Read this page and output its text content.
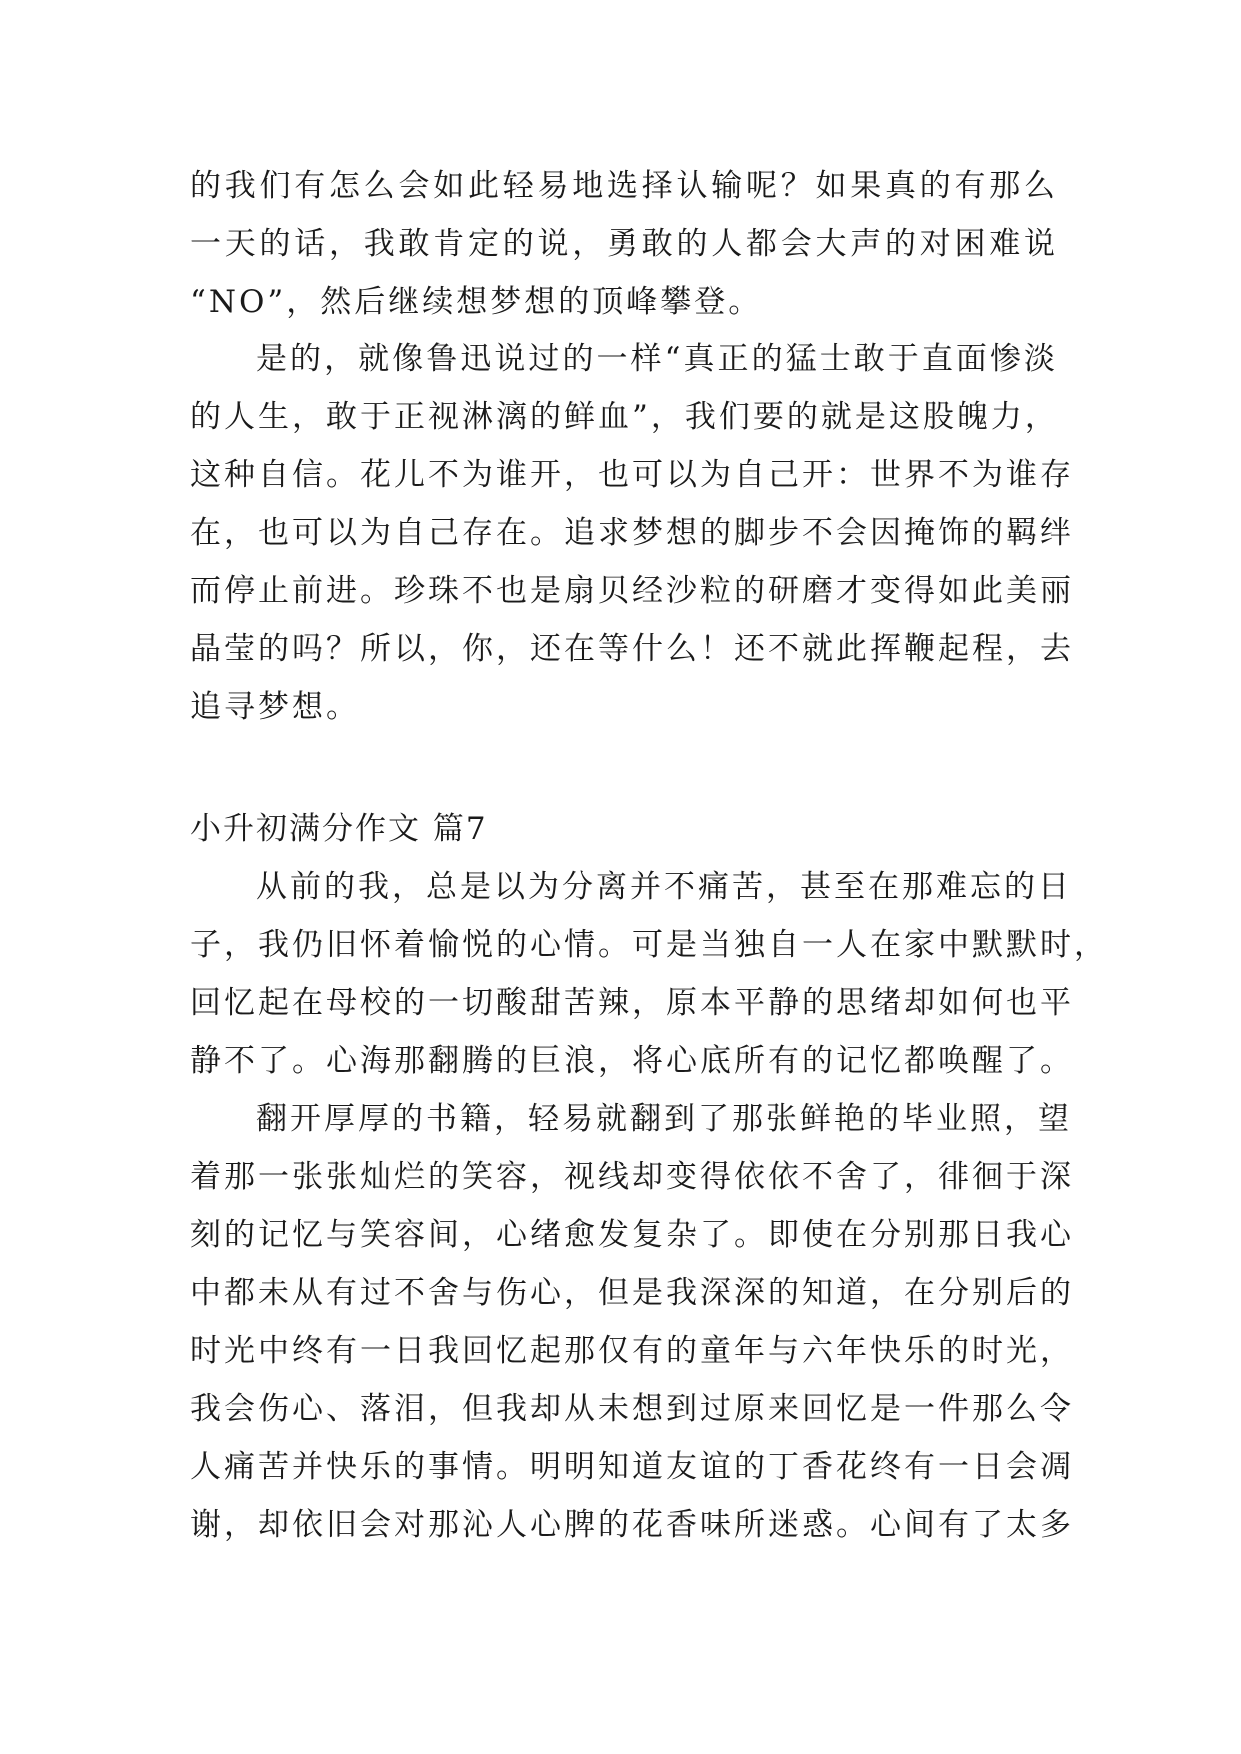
的我们有怎么会如此轻易地选择认输呢？如果真的有那么
一天的话，我敢肯定的说，勇敢的人都会大声的对困难说
“NO”，然后继续想梦想的顶峰攀登。
是的，就像鲁迅说过的一样“真正的猛士敢于直面惨淡
的人生，敢于正视淋漓的鲜血”，我们要的就是这股魄力，
这种自信。花儿不为谁开，也可以为自己开：世界不为谁存
在，也可以为自己存在。追求梦想的脚步不会因掩饰的羁绊
而停止前进。珍珠不也是扇贝经沙粒的研磨才变得如此美丽
晶莹的吗？所以，你，还在等什么！还不就此挥鞭起程，去
追寻梦想。
小升初满分作文 篇7
从前的我，总是以为分离并不痛苦，甚至在那难忘的日
子，我仍旧怀着愉悦的心情。可是当独自一人在家中默默时，
回忆起在母校的一切酸甜苦辣，原本平静的思绪却如何也平
静不了。心海那翻腾的巨浪，将心底所有的记忆都唤醒了。
翻开厚厚的书籍，轻易就翻到了那张鲜艳的毕业照，望
着那一张张灿烂的笑容，视线却变得依依不舍了，徘徊于深
刻的记忆与笑容间，心绪愈发复杂了。即使在分别那日我心
中都未从有过不舍与伤心，但是我深深的知道，在分别后的
时光中终有一日我回忆起那仅有的童年与六年快乐的时光，
我会伤心、落泪，但我却从未想到过原来回忆是一件那么令
人痛苦并快乐的事情。明明知道友谊的丁香花终有一日会凋
谢，却依旧会对那沁人心脾的花香味所迷惑。心间有了太多
